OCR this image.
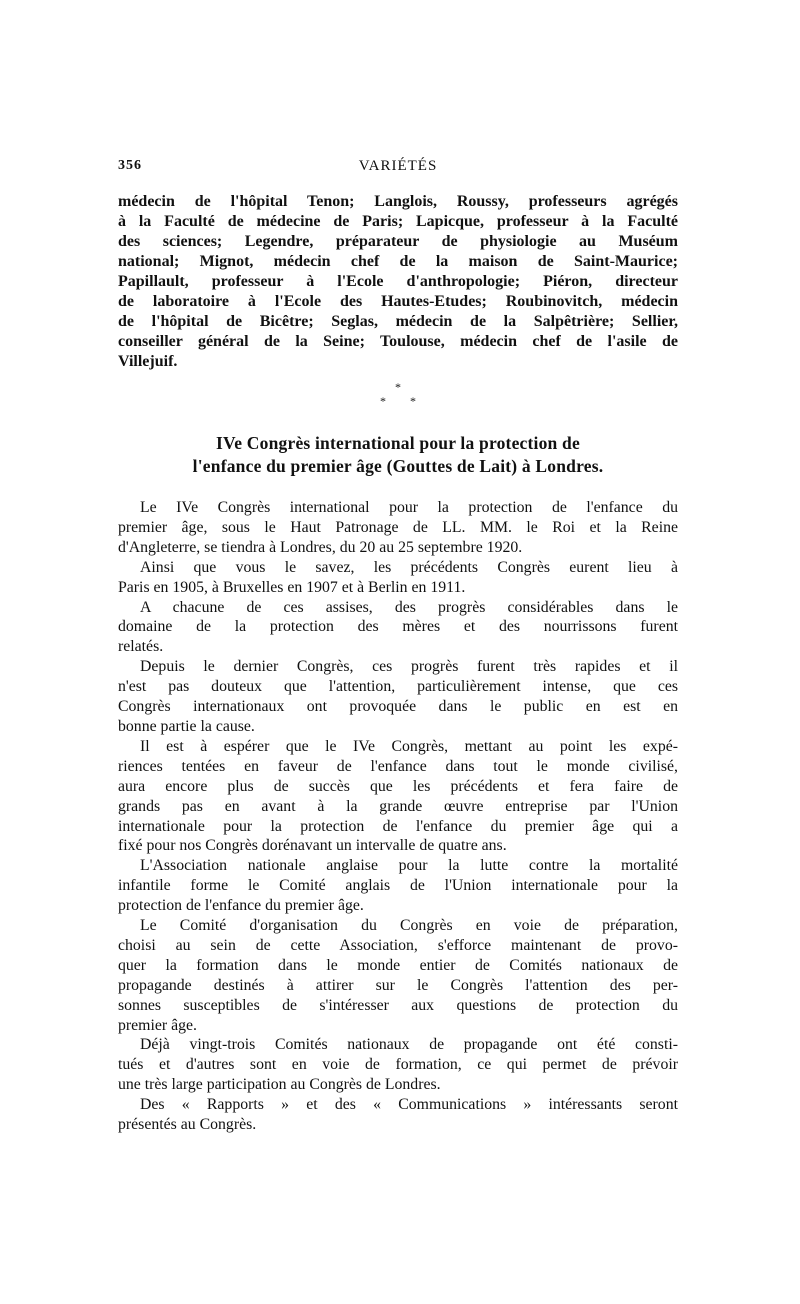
356	VARIÉTÉS
médecin de l'hôpital Tenon; Langlois, Roussy, professeurs agrégés
à la Faculté de médecine de Paris; Lapicque, professeur à la Faculté
des sciences; Legendre, préparateur de physiologie au Muséum
national; Mignot, médecin chef de la maison de Saint-Maurice;
Papillault, professeur à l'Ecole d'anthropologie; Piéron, directeur
de laboratoire à l'Ecole des Hautes-Etudes; Roubinovitch, médecin
de l'hôpital de Bicêtre; Seglas, médecin de la Salpêtrière; Sellier,
conseiller général de la Seine; Toulouse, médecin chef de l'asile de
Villejuif.
*
* *
IVe Congrès international pour la protection de
l'enfance du premier âge (Gouttes de Lait) à Londres.
Le IVe Congrès international pour la protection de l'enfance du
premier âge, sous le Haut Patronage de LL. MM. le Roi et la Reine
d'Angleterre, se tiendra à Londres, du 20 au 25 septembre 1920.
Ainsi que vous le savez, les précédents Congrès eurent lieu à
Paris en 1905, à Bruxelles en 1907 et à Berlin en 1911.
A chacune de ces assises, des progrès considérables dans le
domaine de la protection des mères et des nourrissons furent
relatés.
Depuis le dernier Congrès, ces progrès furent très rapides et il
n'est pas douteux que l'attention, particulièrement intense, que ces
Congrès internationaux ont provoquée dans le public en est en
bonne partie la cause.
Il est à espérer que le IVe Congrès, mettant au point les expé-
riences tentées en faveur de l'enfance dans tout le monde civilisé,
aura encore plus de succès que les précédents et fera faire de
grands pas en avant à la grande œuvre entreprise par l'Union
internationale pour la protection de l'enfance du premier âge qui a
fixé pour nos Congrès dorénavant un intervalle de quatre ans.
L'Association nationale anglaise pour la lutte contre la mortalité
infantile forme le Comité anglais de l'Union internationale pour la
protection de l'enfance du premier âge.
Le Comité d'organisation du Congrès en voie de préparation,
choisi au sein de cette Association, s'efforce maintenant de provo-
quer la formation dans le monde entier de Comités nationaux de
propagande destinés à attirer sur le Congrès l'attention des per-
sonnes susceptibles de s'intéresser aux questions de protection du
premier âge.
Déjà vingt-trois Comités nationaux de propagande ont été consti-
tués et d'autres sont en voie de formation, ce qui permet de prévoir
une très large participation au Congrès de Londres.
Des « Rapports » et des « Communications » intéressants seront
présentés au Congrès.
